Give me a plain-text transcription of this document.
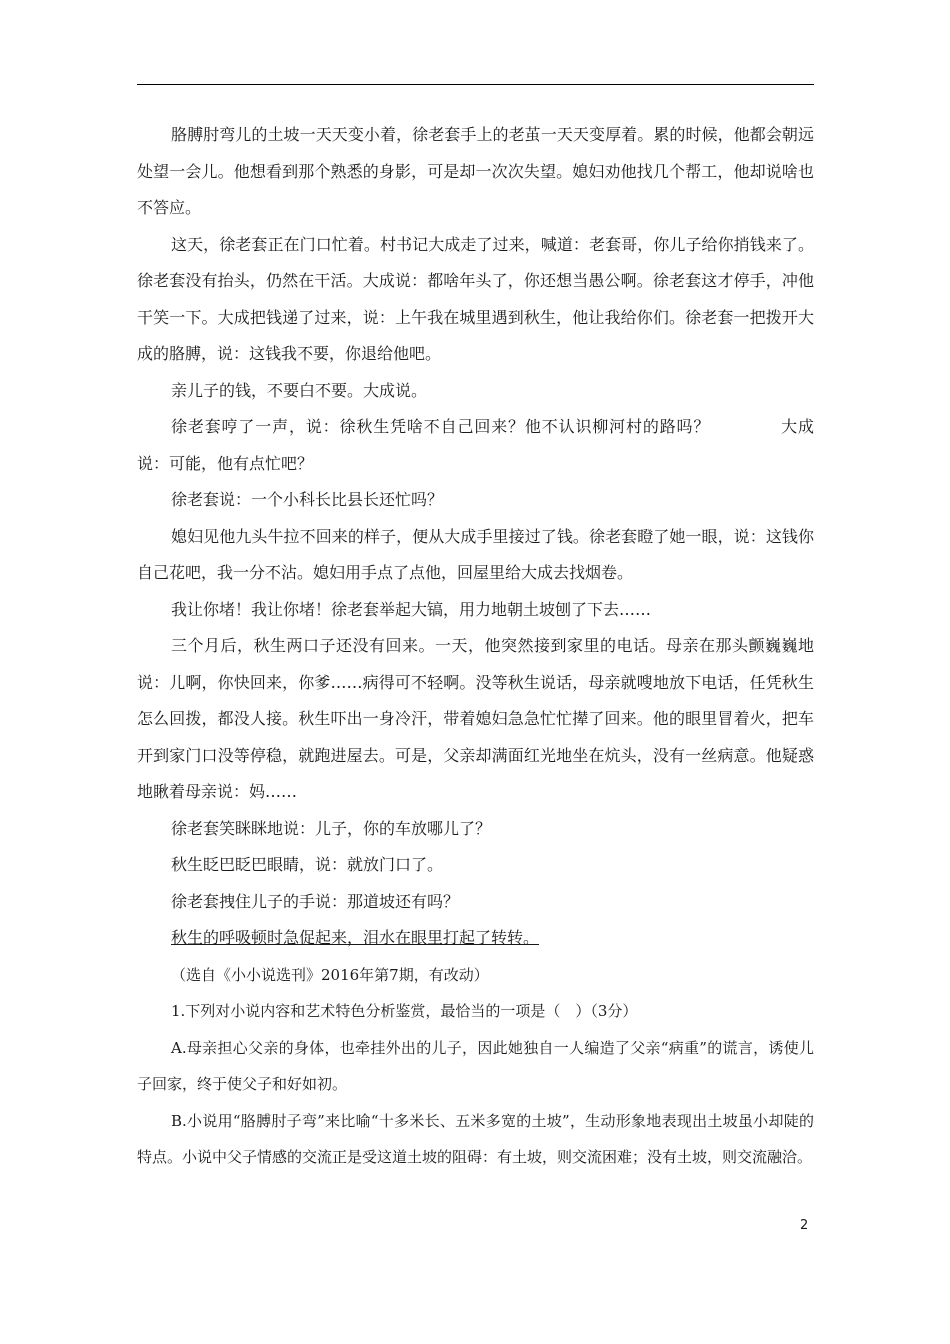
胳膊肘弯儿的土坡一天天变小着，徐老套手上的老茧一天天变厚着。累的时候，他都会朝远处望一会儿。他想看到那个熟悉的身影，可是却一次次失望。媳妇劝他找几个帮工，他却说啥也不答应。

这天，徐老套正在门口忙着。村书记大成走了过来，喊道：老套哥，你儿子给你捎钱来了。徐老套没有抬头，仍然在干活。大成说：都啥年头了，你还想当愚公啊。徐老套这才停手，冲他干笑一下。大成把钱递了过来，说：上午我在城里遇到秋生，他让我给你们。徐老套一把拨开大成的胳膊，说：这钱我不要，你退给他吧。

亲儿子的钱，不要白不要。大成说。

徐老套哼了一声，说：徐秋生凭啥不自己回来？他不认识柳河村的路吗？	大成说：可能，他有点忙吧？

徐老套说：一个小科长比县长还忙吗？

媳妇见他九头牛拉不回来的样子，便从大成手里接过了钱。徐老套瞪了她一眼，说：这钱你自己花吧，我一分不沾。媳妇用手点了点他，回屋里给大成去找烟卷。

我让你堵！我让你堵！徐老套举起大镐，用力地朝土坡刨了下去……

三个月后，秋生两口子还没有回来。一天，他突然接到家里的电话。母亲在那头颤巍巍地说：儿啊，你快回来，你爹……病得可不轻啊。没等秋生说话，母亲就嗖地放下电话，任凭秋生怎么回拨，都没人接。秋生吓出一身冷汗，带着媳妇急急忙忙撵了回来。他的眼里冒着火，把车开到家门口没等停稳，就跑进屋去。可是，父亲却满面红光地坐在炕头，没有一丝病意。他疑惑地瞅着母亲说：妈……

徐老套笑眯眯地说：儿子，你的车放哪儿了？

秋生眨巴眨巴眼睛，说：就放门口了。

徐老套拽住儿子的手说：那道坡还有吗？

秋生的呼吸顿时急促起来，泪水在眼里打起了转转。

（选自《小小说选刊》2016年第7期，有改动）

1.下列对小说内容和艺术特色分析鉴赏，最恰当的一项是（　）（3分）

A.母亲担心父亲的身体，也牵挂外出的儿子，因此她独自一人编造了父亲“病重”的谎言，诱使儿子回家，终于使父子和好如初。

B.小说用“胳膊肘子弯”来比喻“十多米长、五米多宽的土坡”，生动形象地表现出土坡虽小却陡的特点。小说中父子情感的交流正是受这道土坡的阻碍：有土坡，则交流困难；没有土坡，则交流融洽。

2
